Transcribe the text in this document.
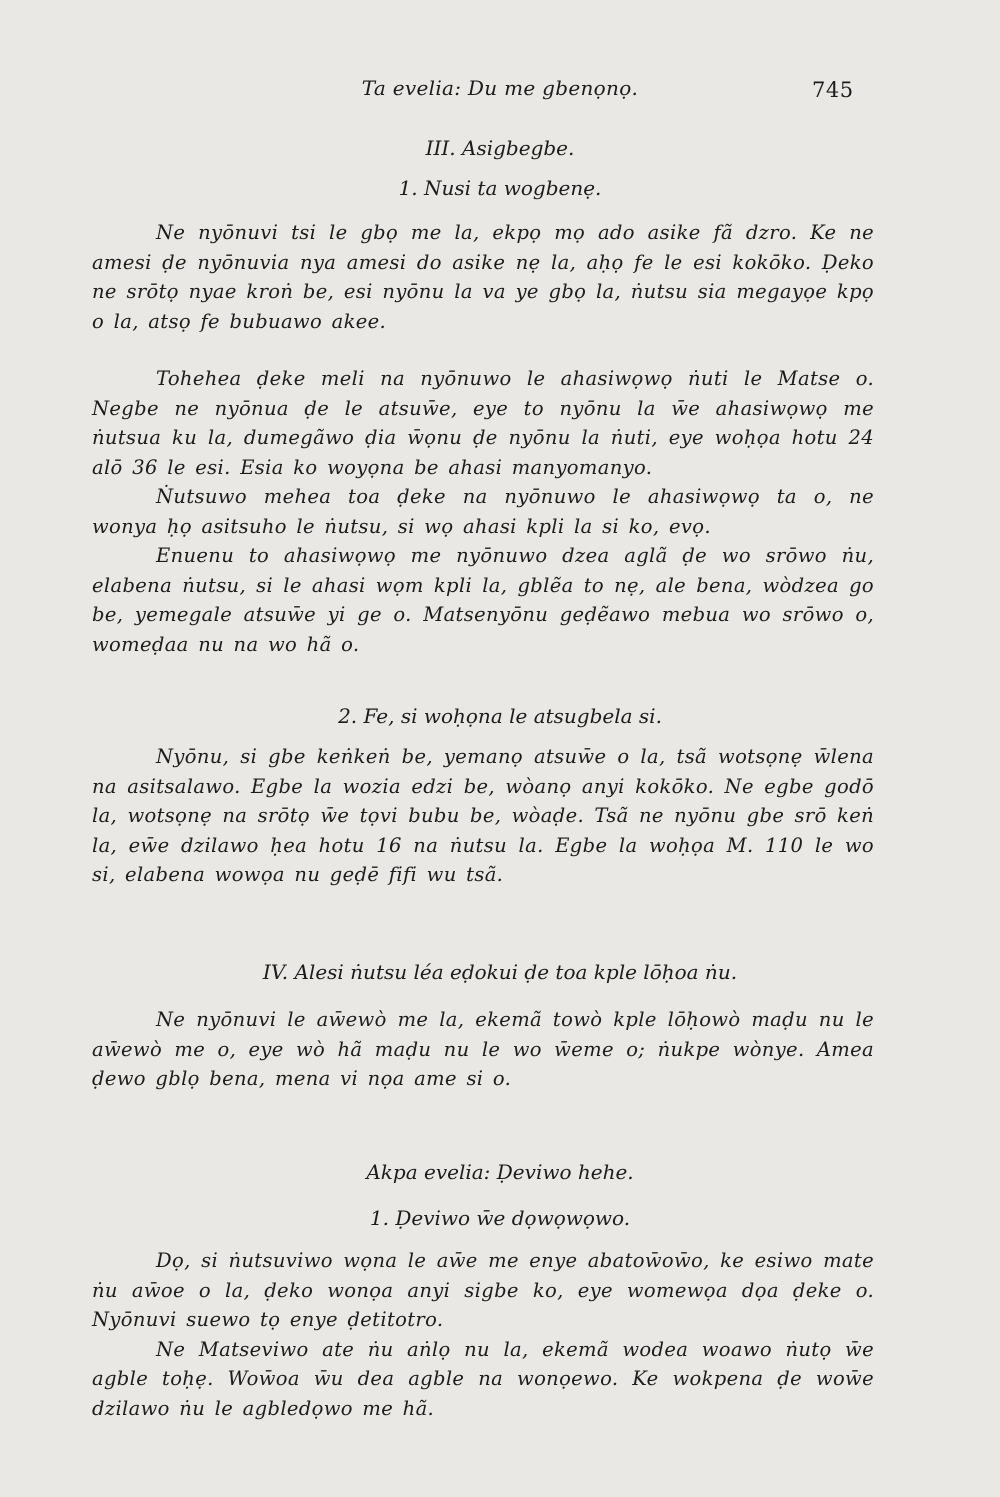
Ta evelia: Du me gbenọnọ.	745
III. Asigbegbe.
1. Nusi ta wogbenẹ.

Ne nyōnuvi tsi le gbọ me la, ekpọ mọ ado asike fã dzro. Ke ne amesi ḍe nyōnuvia nya amesi do asike nẹ la, aḥọ fe le esi kokōko. Ḍeko ne srōtọ nyae kroṅ be, esi nyōnu la va ye gbọ la, ṅutsu sia megayọe kpọ o la, atsọ fe bubuawo akee.

Tohehea ḍeke meli na nyōnuwo le ahasiwọwọ ṅuti le Matse o. Negbe ne nyōnua ḍe le atsuw̄e, eye to nyōnu la w̄e ahasiwọwọ me ṅutsua ku la, dumegãwo ḍia w̄ọnu ḍe nyōnu la ṅuti, eye woḥọa hotu 24 alō 36 le esi. Esia ko woyọna be ahasi manyomanyo.

Ṅutsuwo mehea toa ḍeke na nyōnuwo le ahasiwọwọ ta o, ne wonya ḥọ asitsuho le ṅutsu, si wọ ahasi kpli la si ko, evọ.

Enuenu to ahasiwọwọ me nyōnuwo dzea aglã ḍe wo srōwo ṅu, elabena ṅutsu, si le ahasi wọm kpli la, gblẽa to nẹ, ale bena, wòdzea go be, yemegale atsuw̄e yi ge o. Matsenyōnu geḍẽawo mebua wo srōwo o, womeḍaa nu na wo hã o.

2. Fe, si woḥọna le atsugbela si.

Nyōnu, si gbe keṅkeṅ be, yemanọ atsuw̄e o la, tsã wotsọnẹ w̄lena na asitsalawo. Egbe la wozia edzi be, wòanọ anyi kokōko. Ne egbe godō la, wotsọnẹ na srōtọ w̄e tọvi bubu be, wòaḍe. Tsã ne nyōnu gbe srō keṅ la, ew̄e dzilawo ḥea hotu 16 na ṅutsu la. Egbe la woḥọa M. 110 le wo si, elabena wowọa nu geḍē fifi wu tsã.

IV. Alesi ṅutsu léa eḍokui ḍe toa kple lōḥoa ṅu.

Ne nyōnuvi le aw̄ewò me la, ekemã towò kple lōḥowò maḍu nu le aw̄ewò me o, eye wò hã maḍu nu le wo w̄eme o; ṅukpe wònye. Amea ḍewo gblọ bena, mena vi nọa ame si o.

Akpa evelia: Ḍeviwo hehe.
1. Ḍeviwo w̄e dọwọwọwo.

Dọ, si ṅutsuviwo wọna le aw̄e me enye abatow̄ow̄o, ke esiwo mate ṅu aw̄oe o la, ḍeko wonọa anyi sigbe ko, eye womewọa dọa ḍeke o. Nyōnuvi suewo tọ enye ḍetitotro.

Ne Matseviwo ate ṅu aṅlọ nu la, ekemã wodea woawo ṅutọ w̄e agble toḥẹ. Wow̄oa w̄u dea agble na wonọewo. Ke wokpena ḍe wow̄e dzilawo ṅu le agbledọwo me hã.
